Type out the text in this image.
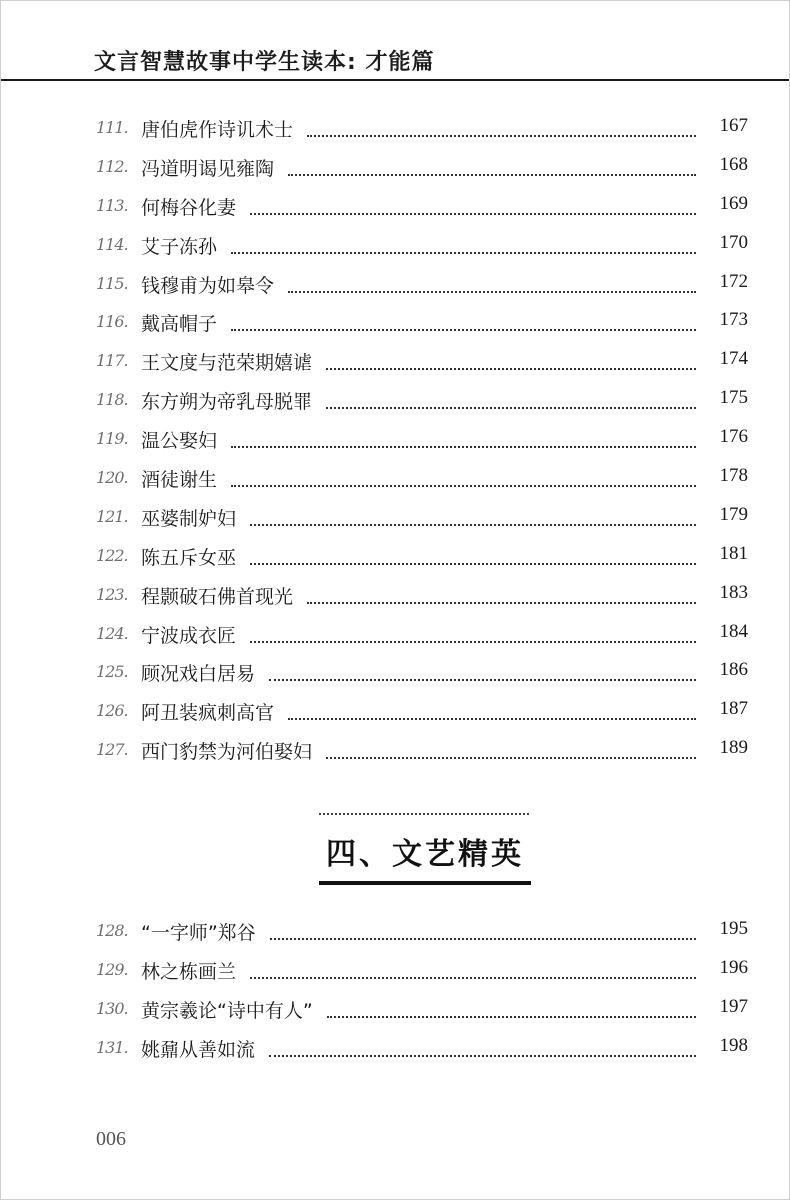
文言智慧故事中学生读本: 才能篇
111. 唐伯虎作诗讥术士	167
112. 冯道明谒见雍陶	168
113. 何梅谷化妻	169
114. 艾子冻孙	170
115. 钱穆甫为如皋令	172
116. 戴高帽子	173
117. 王文度与范荣期嬉谑	174
118. 东方朔为帝乳母脱罪	175
119. 温公娶妇	176
120. 酒徒谢生	178
121. 巫婆制妒妇	179
122. 陈五斥女巫	181
123. 程颢破石佛首现光	183
124. 宁波成衣匠	184
125. 顾况戏白居易	186
126. 阿丑装疯刺高官	187
127. 西门豹禁为河伯娶妇	189
四、文艺精英
128. “一字师”郑谷	195
129. 林之栋画兰	196
130. 黄宗羲论“诗中有人”	197
131. 姚鼐从善如流	198
006
